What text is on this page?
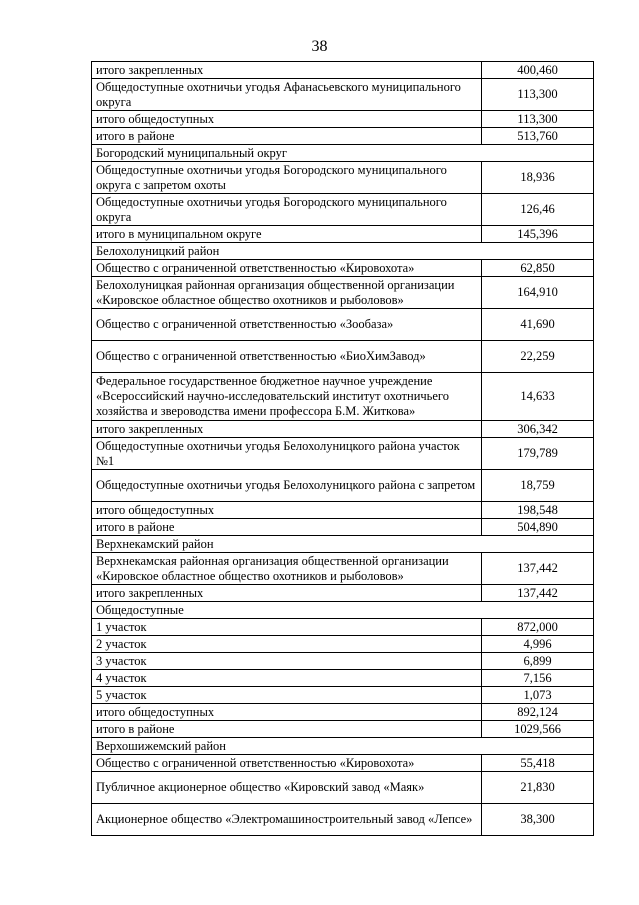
38
итого закрепленных	400,460
Общедоступные охотничьи угодья Афанасьевского муниципального округа	113,300
итого общедоступных	113,300
итого в районе	513,760
Богородский муниципальный округ	
Общедоступные охотничьи угодья Богородского муниципального округа с запретом охоты	18,936
Общедоступные охотничьи угодья Богородского муниципального округа	126,46
итого в муниципальном округе	145,396
Белохолуницкий район	
Общество с ограниченной ответственностью «Кировохота»	62,850
Белохолуницкая районная организация общественной организации «Кировское областное общество охотников и рыболовов»	164,910
Общество с ограниченной ответственностью «Зообаза»	41,690
Общество с ограниченной ответственностью «БиоХимЗавод»	22,259
Федеральное государственное бюджетное научное учреждение «Всероссийский научно-исследовательский институт охотничьего хозяйства и звероводства имени профессора Б.М. Житкова»	14,633
итого закрепленных	306,342
Общедоступные охотничьи угодья Белохолуницкого района участок №1	179,789
Общедоступные охотничьи угодья Белохолуницкого района с запретом	18,759
итого общедоступных	198,548
итого в районе	504,890
Верхнекамский район	
Верхнекамская районная организация общественной организации «Кировское областное общество охотников и рыболовов»	137,442
итого закрепленных	137,442
Общедоступные	
1 участок	872,000
2 участок	4,996
3 участок	6,899
4 участок	7,156
5 участок	1,073
итого общедоступных	892,124
итого в районе	1029,566
Верхошижемский район	
Общество с ограниченной ответственностью «Кировохота»	55,418
Публичное акционерное общество «Кировский завод «Маяк»	21,830
Акционерное общество «Электромашиностроительный завод «Лепсе»	38,300
